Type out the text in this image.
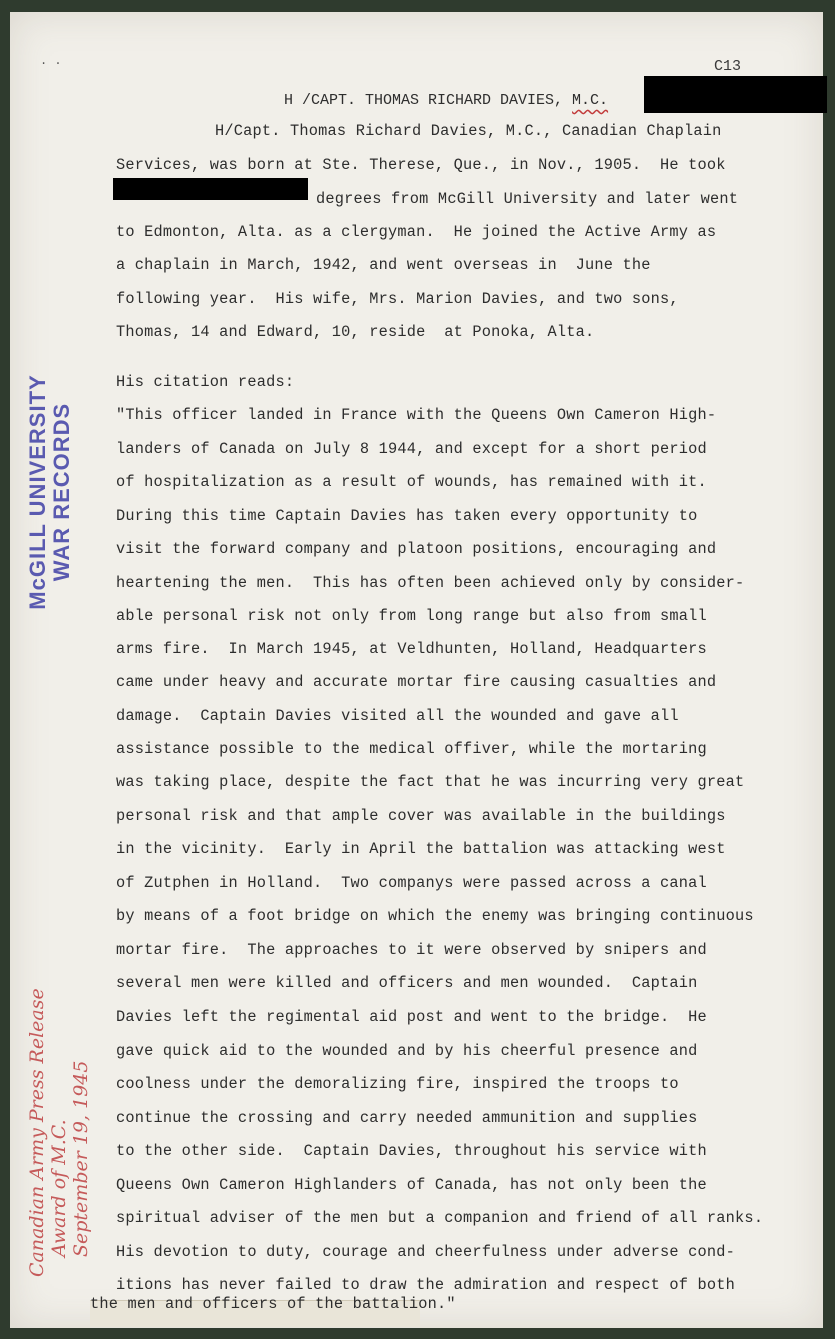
. .	C13
H /CAPT. THOMAS RICHARD DAVIES, M.C.
H/Capt. Thomas Richard Davies, M.C., Canadian Chaplain
Services, was born at Ste. Therese, Que., in Nov., 1905.  He took
degrees from McGill University and later went
to Edmonton, Alta. as a clergyman.  He joined the Active Army as
a chaplain in March, 1942, and went overseas in  June the
following year.  His wife, Mrs. Marion Davies, and two sons,
Thomas, 14 and Edward, 10, reside  at Ponoka, Alta.
His citation reads:
"This officer landed in France with the Queens Own Cameron High-
landers of Canada on July 8 1944, and except for a short period
of hospitalization as a result of wounds, has remained with it.
During this time Captain Davies has taken every opportunity to
visit the forward company and platoon positions, encouraging and
heartening the men.  This has often been achieved only by consider-
able personal risk not only from long range but also from small
arms fire.  In March 1945, at Veldhunten, Holland, Headquarters
came under heavy and accurate mortar fire causing casualties and
damage.  Captain Davies visited all the wounded and gave all
assistance possible to the medical offiver, while the mortaring
was taking place, despite the fact that he was incurring very great
personal risk and that ample cover was available in the buildings
in the vicinity.  Early in April the battalion was attacking west
of Zutphen in Holland.  Two companys were passed across a canal
by means of a foot bridge on which the enemy was bringing continuous
mortar fire.  The approaches to it were observed by snipers and
several men were killed and officers and men wounded.  Captain
Davies left the regimental aid post and went to the bridge.  He
gave quick aid to the wounded and by his cheerful presence and
coolness under the demoralizing fire, inspired the troops to
continue the crossing and carry needed ammunition and supplies
to the other side.  Captain Davies, throughout his service with
Queens Own Cameron Highlanders of Canada, has not only been the
spiritual adviser of the men but a companion and friend of all ranks.
His devotion to duty, courage and cheerfulness under adverse cond-
itions has never failed to draw the admiration and respect of both
the men and officers of the battalion."
McGILL UNIVERSITY WAR RECORDS
Canadian Army Press Release Award of M.C. September 19, 1945
